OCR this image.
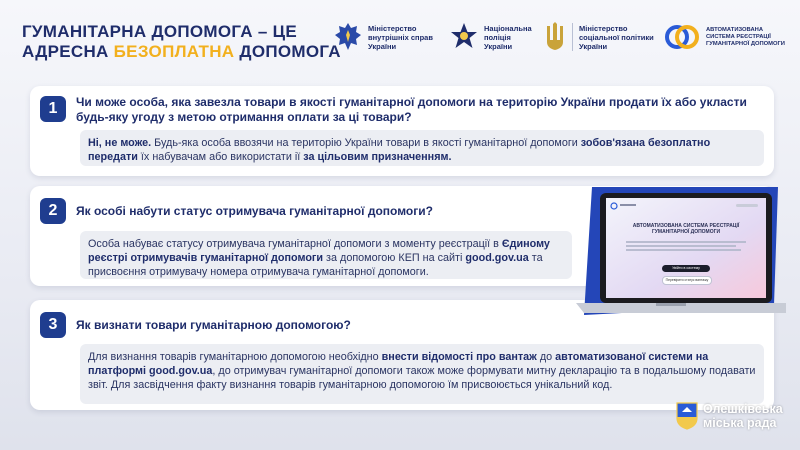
ГУМАНІТАРНА ДОПОМОГА – ЦЕ
АДРЕСНА БЕЗОПЛАТНА ДОПОМОГА
Міністерство
внутрішніх справ
України
Національна
поліція
України
Міністерство
соціальної політики
України
АВТОМАТИЗОВАНА
СИСТЕМА РЕЄСТРАЦІЇ
ГУМАНІТАРНОЇ ДОПОМОГИ
1	Чи може особа, яка завезла товари в якості гуманітарної допомоги на територію України продати їх або укласти будь-яку угоду з метою отримання оплати за ці товари?
Ні, не може. Будь-яка особа ввозячи на територію України товари в якості гуманітарної допомоги зобов'язана безоплатно передати їх набувачам або використати ії за цільовим призначенням.
2	Як особі набути статус отримувача гуманітарної допомоги?
Особа набуває статусу отримувача гуманітарної допомоги з моменту реєстрації в Єдиному реєстрі отримувачів гуманітарної допомоги за допомогою КЕП на сайті good.gov.ua та присвоєння отримувачу номера отримувача гуманітарної допомоги.
3	Як визнати товари гуманітарною допомогою?
Для визнання товарів гуманітарною допомогою необхідно внести відомості про вантаж до автоматизованої системи на платформі good.gov.ua, до отримувач гуманітарної допомоги також може формувати митну декларацію та в подальшому подавати звіт. Для засвідчення факту визнання товарів гуманітарною допомогою їм присвоюється унікальний код.
АВТОМАТИЗОВАНА СИСТЕМА РЕЄСТРАЦІЇ
ГУМАНІТАРНОЇ ДОПОМОГИ
Увійти в систему
Перевірити статус вантажу
Олешківська
міська рада
